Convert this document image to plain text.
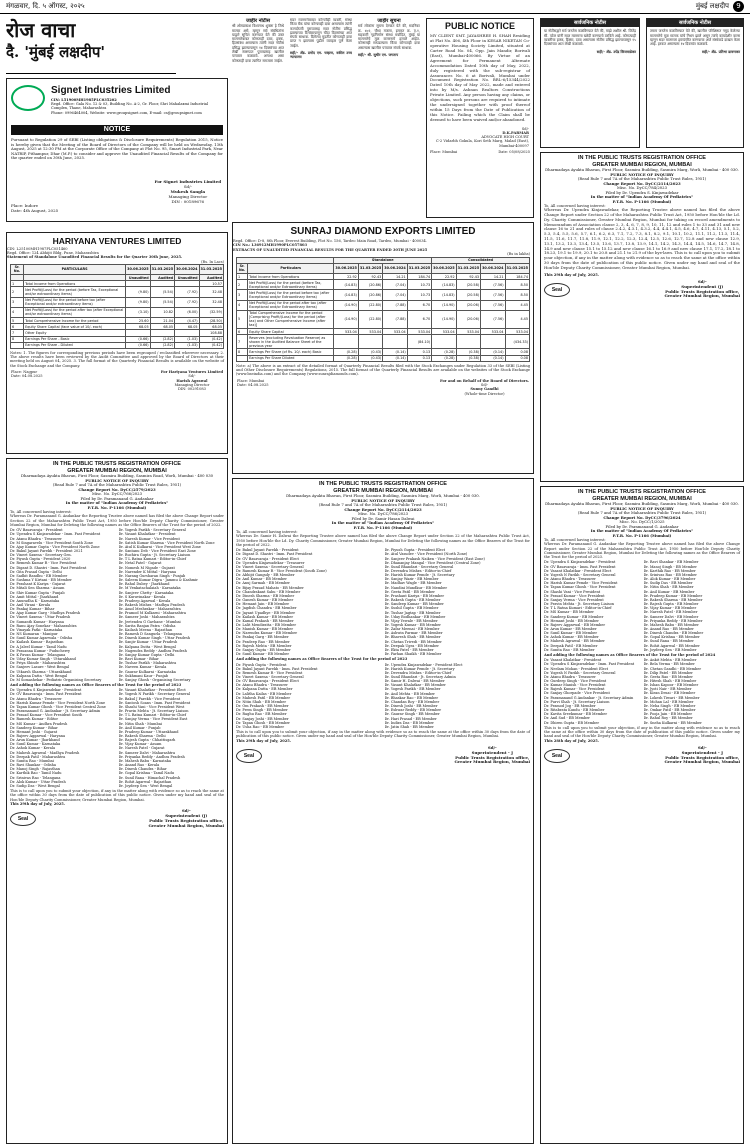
मंगळवार, दि. ५ ऑगस्ट, २०२५	मुंबई लक्षदीप 9
रोज वाचा
दै. 'मुंबई लक्षदीप'
Signet Industries Limited
CIN: L51900MH1985PLC035202
Regd. Office: Gala No. 12 & 03, Building No. A-2, Gr. Floor, Shri Mahalaxmi Industrial Complex, Thane, Maharashtra
Phone: 0996464004, Website: www.groupsignet.com, E-mail: cs@groupsignet.com
NOTICE
Pursuant to Regulation 29 of SEBI (Listing obligations & Disclosure Requirements) Regulation 2015, Notice is hereby given that the Meeting of the Board of Directors of the Company will be held on Wednesday, 13th August, 2025 at 12:30 PM at the Corporate Office of the Company at Plot No. 95, Smart Industrial Park, Near NATRIP, Pithampur, Dhar (M.P.) to consider and approve the Unaudited Financial Results of the Company for the quarter ended on 30th June, 2025.
For Signet Industries Limited
Sd/-
Mukesh Sangla
Managing Director
DIN : 00189676
Place: Indore
Date: 4th August, 2025
HARIYANA VENTURES LIMITED
CIN: L25100MH1987PLC051460
Regd. Office: 124 Abhijit Bldg, Pune, Maharashtra
Statement of Standalone Unaudited Financial Results for the Quarter 30th June, 2025.
(Rs. In Lacs)
Sr. No.	PARTICULARS	30.06.2025	31.03.2025	30.06.2024	31.03.2025
		Unaudited	Audited	Unaudited	Audited
1	Total Income from Operations				10.57
2	Net Profit/(Loss) for the period (before Tax, Exceptional and/or extraordinary items)	(9.80)	(5.54)	(7.92)	32.48
3	Net Profit/(Loss) for the period before tax (after Exceptional and/or extraordinary items)	(9.80)	(5.54)	(7.92)	32.48
4	Net Profit/(Loss) for the period after tax (after Exceptional and/or extraordinary items)	(3.10)	10.82	(6.00)	(32.59)
5	Total Comprehensive Income for the period	25.60	21.04	(4.47)	(28.50)
6	Equity Share Capital (face value of 10/- each)	68.05	68.05	68.05	68.05
7	Other Equity				108.88
8	Earnings Per Share - Basic	(0.66)	(2.82)	(1.03)	(0.42)
	Earnings Per Share - Diluted	(0.66)	(2.82)	(1.03)	(0.42)
Notes: 1. The figures for corresponding previous periods have been regrouped / reclassified wherever necessary. 2. The above results have been reviewed by the Audit Committee and approved by the Board of Directors at their meeting held on August 04, 2025. 3. The full format of the Quarterly Financial Results is available on the website of the Stock Exchange and the Company.
Place: Nagpur
Date: 04.08.2025
For Hariyana Ventures Limited
Sd/-
Harish Agrawal
Managing Director
DIN: 00291083
जाहीर नोटीस
श्री ओमप्रकाश विश्वनाथ शुक्ला हे जिथे मालक असे, म्हणून सर्व संबंधितांना याद्वारे सूचित करण्यात येते की उक्त मालमत्तेबाबत कोणताही दावा, हक्क, हितसंबंध असल्यास त्यांनी सदर नोटीस प्रसिद्ध झाल्यापासून १४ दिवसांच्या आत लेखी स्वरूपात पुराव्यासह खालील पत्त्यावर कळवावे. अन्यथा असा कोणताही दावा त्यागित समजला जाईल.
सदर मालमत्तेबाबत कोणतीही व्यक्ती, संस्था किंवा बँक यांचा कोणताही दावा असल्यास त्यांनी कागदोपत्री पुराव्यासह सदर नोटीस प्रसिद्ध झाल्याच्या दिनांकापासून चौदा दिवसांच्या आत संपर्क साधावा. दिलेल्या मुदतीत कोणताही दावा प्राप्त न झाल्यास पुढील व्यवहार पूर्ण केला जाईल.
सही/- ॲड. प्रमोद एम. चव्हाण, वकील उच्च न्यायालय
जाहीर सूचना
सर्व लोकांना सूचना देण्यात येते की, सदनिका क्र. ४०२, चौथा मजला, इमारत क्र. ए-१, सहकारी गृहनिर्माण संस्था मर्यादित, मुंबई या मालमत्तेचे मूळ करारनामे हरवले आहेत. कोणासही सापडल्यास किंवा कोणताही दावा असल्यास खालील पत्त्यावर संपर्क साधावा.
सही/- श्री. सुधीर एम. जगताप
PUBLIC NOTICE
MY CLIENT SMT. JAYASHREE H. SHAH Residing at Flat No. 406, 4th Floor in KESAR NIKETAN Co-operative Housing Society Limited, situated at Carter Road No. 04, Opp. Jain Mandir, Borivali (East), Mumbai-400066. By Virtue of an Agreement for Permanent Alternate Accommodation Dated 10th day of May, 2022, duly registered with the sub-registrar of Assurances No. 6 at Borivali, Mumbai under Document Registration No. BRL-6/15344/2022 Dated 10th day of May 2022, made and entered into by M/s. Ashnan Realtors Constructions Private Limited. Any person having any claims, or objections, such persons are required to intimate the undersigned together with proof thereof within 15 Days from the Date of Publication of this Notice. Failing which the Claim shall be deemed to have been waived and/or abandoned.
Sd/-
D.K.PARMAR
ADVOCATE HIGH COURT
C-2 Vidarbh Gokula, Kori Seth Marg, Malad (East), Mumbai-400097
Place: Mumbai	Date: 05/08/2025
सार्वजनिक नोटीस
या नोटीसद्वारे सर्व जनतेस कळविण्यात येते की, माझे अशील श्री. जितेंद्र सी. पटेल यांनी सदर मालमत्ता खरेदी करण्याचे ठरविले आहे. कोणत्याही व्यक्तीचा हक्क, हिस्सा, दावा असल्यास नोटीस प्रसिद्ध झाल्यापासून १५ दिवसांच्या आत लेखी कळवावे.
सही/- ॲड. उपेंद्र किंजवाडेकर
सार्वजनिक नोटीस
तमाम जनतेस कळविण्यात येते की, खालील परिशिष्टात नमूद केलेल्या मालमत्तेचे मूळ मालक यांचे निधन झाले असून त्यांचे कायदेशीर वारस म्हणून सदर मालमत्ता हस्तांतरित करण्याचा अर्ज संस्थेकडे दाखल केला आहे. हरकत असल्यास १४ दिवसांत कळवावे.
सही/- ॲड. प्रतिभा डावणकर
SUNRAJ DIAMOND EXPORTS LIMITED
Regd. Office: D-8, 8th Floor, Everest Building, Plot No. 156, Tardeo Main Road, Tardeo, Mumbai - 400034.
CIN No.: L36912MH1990PLC057803
EXTRACTS OF UNAUDITED FINANCIAL RESULTS FOR THE QUARTER ENDED 30TH JUNE 2025
(Rs in lakhs)
		Standalone				Consolidated			
Sr. No.	Particulars	30.06.2025	31.03.2025	30.06.2024	31.03.2025	30.06.2025	31.03.2025	30.06.2024	31.03.2025
1	Total Income from Operations	22.92	92.43	14.21	184.74	22.92	92.43	14.21	184.74
2	Net Profit/(Loss) for the period (before Tax, Exceptional and/or Extraordinary items)	(14.83)	(20.86)	(7.04)	10.73	(14.83)	(20.58)	(7.56)	8.50
3	Net Profit/(Loss) for the period before tax (after Exceptional and/or Extraordinary items)	(14.83)	(20.86)	(7.04)	10.73	(14.83)	(20.58)	(7.56)	8.50
4	Net Profit/(Loss) for the period after tax (after Exceptional and/or Extraordinary items)	(14.90)	(22.80)	(7.88)	6.70	(14.90)	(20.06)	(7.56)	4.45
5	Total Comprehensive Income for the period [Comprising Profit/(Loss) for the period (after tax) and Other Comprehensive Income (after tax)]	(14.90)	(22.80)	(7.88)	6.70	(14.90)	(20.06)	(7.56)	4.45
6	Equity Share Capital	533.04	533.04	533.04	533.04	533.04	533.04	533.04	533.04
7	Reserves (excluding Revaluation Reserve) as shown in the Audited Balance Sheet of the previous year				(84.10)				(434.33)
8	Earnings Per Share (of Rs. 10/- each) Basic	(0.28)	(0.43)	(0.14)	0.13	(0.28)	(0.38)	(0.14)	0.08
	Earnings Per Share Diluted	(0.28)	(0.43)	(0.14)	0.13	(0.28)	(0.38)	(0.14)	0.08
Note: a) The above is an extract of the detailed format of Quarterly Financial Results filed with the Stock Exchanges under Regulation 33 of the SEBI (Listing and Other Disclosure Requirements) Regulations, 2015. The full format of the Quarterly Financial Results are available on the websites of the Stock Exchange (www.bseindia.com) and the Company (www.sunrajdiamonds.com).
Place: Mumbai
Date: 04.08.2025
For and on Behalf of the Board of Directors.
Sd/-
Sunny Gandhi
(Whole-time Director)
IN THE PUBLIC TRUSTS REGISTRATION OFFICE
GREATER MUMBAI REGION, MUMBAI
Dharmadaya Ayukta Bhavan, First Floor, Sasmira Building, Sasmira Marg, Worli, Mumbai - 400 030.
PUBLIC NOTICE OF INQUIRY
(Read Rule 7 and 7A of the Maharashtra Public Trust Rules, 1951)
Change Report No. DyCC/2114/2023
Misc. No. DyCC/784/2023
Filed by Dr. Upendra S. Kinjawadekar
In the matter of "Indian Academy Of Pediatrics"
P.T.R. No. F-1166 (Mumbai)
To, All concerned having interest:
Whereas Dr. Upendra Kinjawadekar, the Reporting Trustee above named has filed the above Change Report under Section 22 of the Maharashtra Public Trust Act, 1950 before Hon'ble the Ld. Dy. Charity Commissioner, Greater Mumbai Region, Mumbai for taking on record amendments to Memorandum of Association clause 2, 3, 4, 6, 7, 8, 9, 10, 11, 12 and rules 1 to 33 and 31 and new clause 16 to 21 and rules of clause 2.4.2, 4.3.1, 4.3.2, 4.4, 4.4.1, 4.5, 4.6, 4.7, 4.11, 4.13, 5.1, 5.2, 5.3, 5.4, 5.5, 5.6, 5.7, 6.1, 6.2, 6.3, 7.1, 7.2, 7.3, 8.1, 8.2, 9.1, 10.1, 10.2, 11.1, 11.2, 11.3, 11.4, 11.5, 11.6, 11.7, 11.8, 11.9, 12.1, 12.2, 12.3, 12.4, 12.5, 12.6, 12.7, 12.8 and new clause 12.9, 13.1, 13.2, 13.3, 13.4, 13.5, 13.6, 13.7, 13.8, 13.9, 14.1, 14.2, 14.3, 14.4, 14.5, 14.6, 14.7, 14.8, 14.9 and new clause 15.1 to 15.12 and new clause 16.1 to 16.9 and new clause 17.1, 17.2, 18.1 to 18.23, 19.1 to 19.9, 20.1 to 20.8 and 21.1 to 21.9 of the bye-laws. This is to call upon you to submit your objection, if any in the matter along with evidence so as to reach the same at the office within 30 days from the date of publication of this public notice. Given under my hand and seal of the Hon'ble Deputy Charity Commissioner, Greater Mumbai Region, Mumbai.
This 29th day of July, 2025.
Seal
Sd/-
Superintendent (J)
Public Trusts Registration office,
Greater Mumbai Region, Mumbai
IN THE PUBLIC TRUSTS REGISTRATION OFFICE
GREATER MUMBAI REGION, MUMBAI
Dharmadaya Ayukta Bhavan, First Floor, Sasmira Building, Sasmira Road, Worli, Mumbai - 400 030
PUBLIC NOTICE OF INQUIRY
(Read Rule 7 and 7A of the Maharashtra Public Trust Rules, 1951)
Change Report No. DyCC/2579/2023
Misc. No. DyCC/766/2023
Filed by Dr. Paramanand G. Andankar
In the matter of "Indian Academy Of Pediatrics"
P.T.R. No. F-1166 (Mumbai)
To, All concerned having interest:
Whereas Dr. Paramanand G. Andankar the Reporting Trustee above named has filed the above Change Report under Section 22 of the Maharashtra Public Trust Act, 1950 before Hon'ble Deputy Charity Commissioner, Greater Mumbai Region, Mumbai for Deleting the following names as the Office Bearers of the Trust for the period of 2022.
Dr. GV Basavaraja - President
Dr. Upendra S Kinjawadekar - Imm. Past President
Dr. Atanu Bhadra - Treasurer
Dr. M Singaravelu - Vice President South Zone
Dr. Ajay Kumar Gupta - Vice President North Zone
Dr. Bakul Jayant Parekh - President 2021
Dr. Vineet Saxena - Secretary Gen.
Dr. Piyush Gupta - President 2020
Dr. Remesh Kumar R - Vice President
Dr. Digant D. Shastri - Imm. Past President
Dr. Gita Prasad Gupta - Delhi
Dr. Sadhit Bandhu - EB Member
Dr. Sushma Y Kirtani - EB Member
Dr. Prashant K Kariya - Gujarat
Dr. Mitali Sen Sharma - Assam
Dr. Shiv Kumar Gupta - Punjab
Dr. Amit Mittal - Jharkhand
Dr. Anuradha K - Karnataka
Dr. Anil Virani - Kerala
Dr. Pankaj Kumar - Bihar
Dr. Ajay Kumar Garg - Madhya Pradesh
Dr. Vineet Saxena - Uttar Pradesh
Dr. Sumanth Kumar - Haryana
Dr. Ranu Ajay Sonekar - Maharashtra
Dr. Vinayak Patki - Karnataka
Dr. NS Kumaran - Manipur
Dr. Sunil Kumar Agarwala - Odisha
Dr. Kailash Kumar - Rajasthan
Dr. A Jaleel Kumar - Tamil Nadu
Dr. Prasanna Kumar - Puducherry
Dr. K Pavan Kumar - Telangana
Dr. Uday Kumar Singh - Uttarakhand
Dr. Priya Shinde - Maharashtra
Dr. Sanjeev Lasure - West Bengal
Dr. Utkarsh Sharma - Uttarakhand
Dr. Kalpana Datta - West Bengal
Dr. M Somashekar - Pediatric Organising Secretary
Dr. Yogesh Parikh - Secretary General
Dr. Vasant Khalatkar - President
Dr. Naresh Kumar - Vice President
Dr. Satish Kumar Sharma - Vice President North Zone
Dr. Atul K Kulkarni - Vice President West Zone
Dr. Santanu Deb - Vice President East Zone
Dr. Ruchira Gupta - Jt. Secretary Liaison
Dr. T L Ratna Kumari - Editor-in-Chief
Dr. Netal Patel - Gujarat
Dr. Nomesh M Nigade - Gujarat
Dr. Narender K Mittal - Haryana
Dr. Narang Gursharan Singh - Punjab
Dr. Saleem Kumar Digra - Jammu & Kashmir
Dr. Rahul Dubey - Jharkhand
Dr. M Venkatachalaiah - Karnataka
Dr. Sanjeev Chetty - Karnataka
Dr. S Kuruvinakar - Kerala
Dr. Pradeep Agarwal - Kerala
Dr. Rakesh Mishra - Madhya Pradesh
Dr. Amol Meshrakar - Maharashtra
Dr. Pramod M Kulkarni - Maharashtra
Dr. Sameer Joshi - Maharashtra
Dr. Jeetendra G Gavhane - Mumbai
Dr. Sarita Ranjan Patra - Odisha
Dr. Kailash Meena - Rajasthan
Dr. Ramesh D Sangurla - Telangana
Dr. Dinesh Kumar Singh - Uttar Pradesh
Dr. Sanjiv Kumar - Uttar Pradesh
Dr. Kalpana Dutta - West Bengal
Dr. Nagendra Reddy - Andhra Pradesh
Dr. Sanjay Kumar Gupta - Delhi
Dr. Ravi Kumar - Bihar
Dr. Tushar Parikh - Maharashtra
Dr. Naveen Kumar - Kerala
Dr. Gaurav Kulkarni - Karnataka
Dr. Sukhmani Kaur - Punjab
Dr. Sanjay Ghosh - Organising Secretary
And adding the following names as Office Bearers of the Trust for the period of 2023
Dr. Upendra S Kinjawadekar - President
Dr. GV Basavaraja - Imm. Past President
Dr. Atanu Bhadra - Treasurer
Dr. Harish Kumar Pemde - Vice President North Zone
Dr. Tapan Kumar Ghosh - Vice President Central Zone
Dr. Paramanand G. Andankar - Jt. Secretary Admin
Dr. Prasad Kumar - Vice President South
Dr. Ramesh Kumar - Editor
Dr. MS Kumar - Andhra Pradesh
Dr. Sandeep Kumar - Bihar
Dr. Hemant Joshi - Gujarat
Dr. Rajeev Aggarwal - Haryana
Dr. Arun Kumar - Jharkhand
Dr. Sunil Kumar - Karnataka
Dr. Ashok Kumar - Kerala
Dr. Mahesh Agrawal - Madhya Pradesh
Dr. Deepak Patil - Maharashtra
Dr. Sunita Rao - Mumbai
Dr. Ravi Shankar - Odisha
Dr. Manoj Singh - Rajasthan
Dr. Karthik Rao - Tamil Nadu
Dr. Srinivas Rao - Telangana
Dr. Alok Kumar - Uttar Pradesh
Dr. Sudip Das - West Bengal
Dr. Vasant Khalatkar - President Elect
Dr. Yogesh N Parikh - Secretary General
Dr. Bakul J Parekh - Vice President
Dr. Santosh Soans - Imm. Past President
Dr. Shashi Vani - Vice President West
Dr. Pravin Mehta - Jt. Secretary Liaison
Dr. T L Ratna Kumari - Editor-in-Chief
Dr. Sanjay Verma - Vice President East
Dr. Nitin Shah - Mumbai
Dr. Anil Kumar - Punjab
Dr. Pradeep Kumar - Uttarakhand
Dr. Rakesh Sharma - Delhi
Dr. Rajesh Gupta - Chhattisgarh
Dr. Vijay Kumar - Assam
Dr. Naresh Patel - Gujarat
Dr. Sameer Dalvi - Maharashtra
Dr. Priyanka Reddy - Andhra Pradesh
Dr. Mahesh Babu - Karnataka
Dr. Anand Rao - Kerala
Dr. Dinesh Chandra - Bihar
Dr. Gopal Krishna - Tamil Nadu
Dr. Sunil Rana - Himachal Pradesh
Dr. Rohit Agarwal - Rajasthan
Dr. Joydeep Sen - West Bengal
This is to call upon you to submit your objection, if any in the matter along with evidence so as to reach the same at the office within 30 days from the date of publication of this public notice. Given under my hand and seal of the Hon'ble Deputy Charity Commissioner, Greater Mumbai Region, Mumbai.
This 29th day of July, 2025.
Seal
Sd/-
Superintendent (J)
Public Trusts Registration office,
Greater Mumbai Region, Mumbai
IN THE PUBLIC TRUSTS REGISTRATION OFFICE
GREATER MUMBAI REGION, MUMBAI
Dharmadaya Ayukta Bhavan, First Floor, Sasmira Building, Sasmira Marg, Worli, Mumbai - 400 030.
PUBLIC NOTICE OF INQUIRY
(Read Rule 7 and 7A of the Maharashtra Public Trust Rules, 1951)
Change Report No. DyCC/2114/2023
Misc. No. DyCC/786/2023
Filed by Dr. Samir Hasan Dalwai
In the matter of "Indian Academy Of Pediatrics"
P.T.R. No. F-1166 (Mumbai)
To, All concerned having interest:
Whereas Dr. Samir H. Dalwai the Reporting Trustee above named has filed the above Change Report under Section 22 of the Maharashtra Public Trust Act, 1950 before Hon'ble the Ld. Dy. Charity Commissioner, Greater Mumbai Region, Mumbai for Deleting the following names as the Office Bearers of the Trust for the period of 2022.
Dr. Bakul Jayant Parekh - President
Dr. Digant D. Shastri - Imm. Past President
Dr. GV Basavaraja - President Elect
Dr. Upendra Kinjawadekar - Treasurer
Dr. Vineet Saxena - Secretary General
Dr. Ramesh Kumar R - Vice President (South Zone)
Dr. Abhijit Ganguly - EB Member
Dr. Anil Kumar - EB Member
Dr. Anuj Sarmah - EB Member
Dr. Bijay Prasad Mahato - EB Member
Dr. Chandrakant Sahu - EB Member
Dr. Dinesh Sharma - EB Member
Dr. Ganesh Kumar - EB Member
Dr. Hemant Jain - EB Member
Dr. Jagdish Chandra - EB Member
Dr. Jayant Upadhye - EB Member
Dr. Kailash Kumar - EB Member
Dr. Kamal Prakash - EB Member
Dr. Lalit Mendiratta - EB Member
Dr. Manish Kumar - EB Member
Dr. Narendra Kumar - EB Member
Dr. Pankaj Garg - EB Member
Dr. Pradeep Rao - EB Member
Dr. Rajesh Mehta - EB Member
Dr. Sanjay Gupta - EB Member
Dr. Sunil Kumar - EB Member
Dr. Piyush Gupta - President Elect
Dr. Atul Vasudev - Vice President (North Zone)
Dr. Sanjeev Prakash Naiken - Vice President (East Zone)
Dr. Dhananjay Mangal - Vice President (Central Zone)
Dr. Sunil Bhandari - Secretary General
Dr. Devendra Mishra - Editor-in-Chief
Dr. Harish Kumar Pemde - Jt. Secretary
Dr. Sanjay Wazir - EB Member
Dr. Madhav Wagle - EB Member
Dr. Nandini Mundkur - EB Member
Dr. Geeta Patil - EB Member
Dr. Prashant Kariya - EB Member
Dr. Rakesh Gupta - EB Member
Dr. Sandeep Kumar - EB Member
Dr. Sushil Gupta - EB Member
Dr. Tushar Jagtap - EB Member
Dr. Uday Bodhankar - EB Member
Dr. Vijay Yewale - EB Member
Dr. Yogesh Kumar - EB Member
Dr. Zafar Meenai - EB Member
Dr. Ashwin Parmar - EB Member
Dr. Bhavesh Shah - EB Member
Dr. Chetan Trivedi - EB Member
Dr. Deepak Ugra - EB Member
Dr. Ekta Patel - EB Member
Dr. Farhan Shaikh - EB Member
And adding the following names as Office Bearers of the Trust for the period of 2023
Dr. Piyush Gupta - President
Dr. Bakul Jayant Parekh - Imm. Past President
Dr. Remesh Kumar R - Vice President
Dr. Vineet Saxena - Secretary General
Dr. GV Basavaraja - President Elect
Dr. Atanu Bhadra - Treasurer
Dr. Kalpana Dutta - EB Member
Dr. Lalitha Kailas - EB Member
Dr. Mahesh Patil - EB Member
Dr. Nitin Shah - EB Member
Dr. Om Prakash - EB Member
Dr. Prem Singh - EB Member
Dr. Raghu Rao - EB Member
Dr. Sanjay Joshi - EB Member
Dr. Tapan Ghosh - EB Member
Dr. Usha Rao - EB Member
Dr. Upendra Kinjawadekar - President Elect
Dr. Harish Kumar Pemde - Jt. Secretary
Dr. Devendra Mishra - Editor-in-Chief
Dr. Sunil Bhandari - Jt. Secretary Admin
Dr. Samir H. Dalwai - EB Member
Dr. Vasant Khalatkar - EB Member
Dr. Yogesh Parikh - EB Member
Dr. Anil Mehta - EB Member
Dr. Bhaskar Rao - EB Member
Dr. Chandan Roy - EB Member
Dr. Dinesh Joshi - EB Member
Dr. Eshwar Reddy - EB Member
Dr. Gaurav Singh - EB Member
Dr. Hari Prasad - EB Member
Dr. Indira Das - EB Member
Dr. Jatin Shah - EB Member
This is to call upon you to submit your objection, if any in the matter along with evidence so as to reach the same at the office within 30 days from the date of publication of this public notice. Given under my hand and seal of the Hon'ble Deputy Charity Commissioner, Greater Mumbai Region, Mumbai.
This 29th day of July, 2025.
Seal
Sd/-
Superintendent - J
Public Trusts Registration office,
Greater Mumbai Region, Mumbai
IN THE PUBLIC TRUSTS REGISTRATION OFFICE
GREATER MUMBAI REGION, MUMBAI
Dharmadaya Ayukta Bhavan, First Floor, Sasmira Building, Sasmira Marg, Worli, Mumbai - 400 030.
PUBLIC NOTICE OF INQUIRY
(Read Rule 7 and 7A of the Maharashtra Public Trust Rules, 1951)
Change Report No. DyCC/3796/2024
Misc. No. DyCC/1/2025
Filed by Dr. Paramanand G. Andankar
In the matter of "Indian Academy Of Pediatrics"
P.T.R. No. F-1166 (Mumbai)
To, All concerned having interest:
Whereas Dr. Paramanand G. Andankar the Reporting Trustee above named has filed the above Change Report under Section 22 of the Maharashtra Public Trust Act, 1950 before Hon'ble Deputy Charity Commissioner, Greater Mumbai Region, Mumbai for Deleting the following names as the Office Bearers of the Trust for the period of 2023.
Dr. Upendra S Kinjawadekar - President
Dr. GV Basavaraja - Imm. Past President
Dr. Vasant Khalatkar - President Elect
Dr. Yogesh N Parikh - Secretary General
Dr. Atanu Bhadra - Treasurer
Dr. Harish Kumar Pemde - Vice President
Dr. Tapan Kumar Ghosh - Vice President
Dr. Shashi Vani - Vice President
Dr. Prasad Kumar - Vice President
Dr. Sanjay Verma - Vice President
Dr. Pravin Mehta - Jt. Secretary Liaison
Dr. T L Ratna Kumari - Editor-in-Chief
Dr. MS Kumar - EB Member
Dr. Sandeep Kumar - EB Member
Dr. Hemant Joshi - EB Member
Dr. Rajeev Aggarwal - EB Member
Dr. Arun Kumar - EB Member
Dr. Sunil Kumar - EB Member
Dr. Ashok Kumar - EB Member
Dr. Mahesh Agrawal - EB Member
Dr. Deepak Patil - EB Member
Dr. Sunita Rao - EB Member
Dr. Ravi Shankar - EB Member
Dr. Manoj Singh - EB Member
Dr. Karthik Rao - EB Member
Dr. Srinivas Rao - EB Member
Dr. Alok Kumar - EB Member
Dr. Sudip Das - EB Member
Dr. Nitin Shah - EB Member
Dr. Anil Kumar - EB Member
Dr. Pradeep Kumar - EB Member
Dr. Rakesh Sharma - EB Member
Dr. Rajesh Gupta - EB Member
Dr. Vijay Kumar - EB Member
Dr. Naresh Patel - EB Member
Dr. Sameer Dalvi - EB Member
Dr. Priyanka Reddy - EB Member
Dr. Mahesh Babu - EB Member
Dr. Anand Rao - EB Member
Dr. Dinesh Chandra - EB Member
Dr. Gopal Krishna - EB Member
Dr. Sunil Rana - EB Member
Dr. Rohit Agarwal - EB Member
Dr. Joydeep Sen - EB Member
And adding the following names as Office Bearers of the Trust for the period of 2024
Dr. Vasant Khalatkar - President
Dr. Upendra S Kinjawadekar - Imm. Past President
Dr. Neelam Mohan - President Elect
Dr. Yogesh N Parikh - Secretary General
Dr. Atanu Bhadra - Treasurer
Dr. Gurdeep Singh - Vice President
Dr. Kumar Manish - Vice President
Dr. Rajesh Kumar - Vice President
Dr. Sanjay Ghorpade - Vice President
Dr. Paramanand G Andankar - Jt. Secretary Admin
Dr. Purvi Shah - Jt. Secretary Liaison
Dr. Pramod Jog - EB Member
Dr. Ritabrata Kundu - EB Member
Dr. Kavita Sreekumar - EB Member
Dr. Anil Sud - EB Member
Dr. Dhiren Gupta - EB Member
Dr. Ankit Mehta - EB Member
Dr. Bela Verma - EB Member
Dr. Chetan Gandhi - EB Member
Dr. Dilip Patel - EB Member
Dr. Geeta Rao - EB Member
Dr. Hitesh Shah - EB Member
Dr. Ishan Kapoor - EB Member
Dr. Jyoti Nair - EB Member
Dr. Kiran Desai - EB Member
Dr. Lokesh Tiwari - EB Member
Dr. Mohan Lal - EB Member
Dr. Neha Singh - EB Member
Dr. Omkar Patil - EB Member
Dr. Pooja Jain - EB Member
Dr. Rahul Roy - EB Member
Dr. Sneha Kulkarni - EB Member
This is to call upon you to submit your objection, if any in the matter along with evidence so as to reach the same at the office within 30 days from the date of publication of this public notice. Given under my hand and seal of the Hon'ble Deputy Charity Commissioner, Greater Mumbai Region, Mumbai.
This 28th day of July, 2025.
Seal
Sd/-
Superintendent - J
Public Trusts Registration office,
Greater Mumbai Region, Mumbai
